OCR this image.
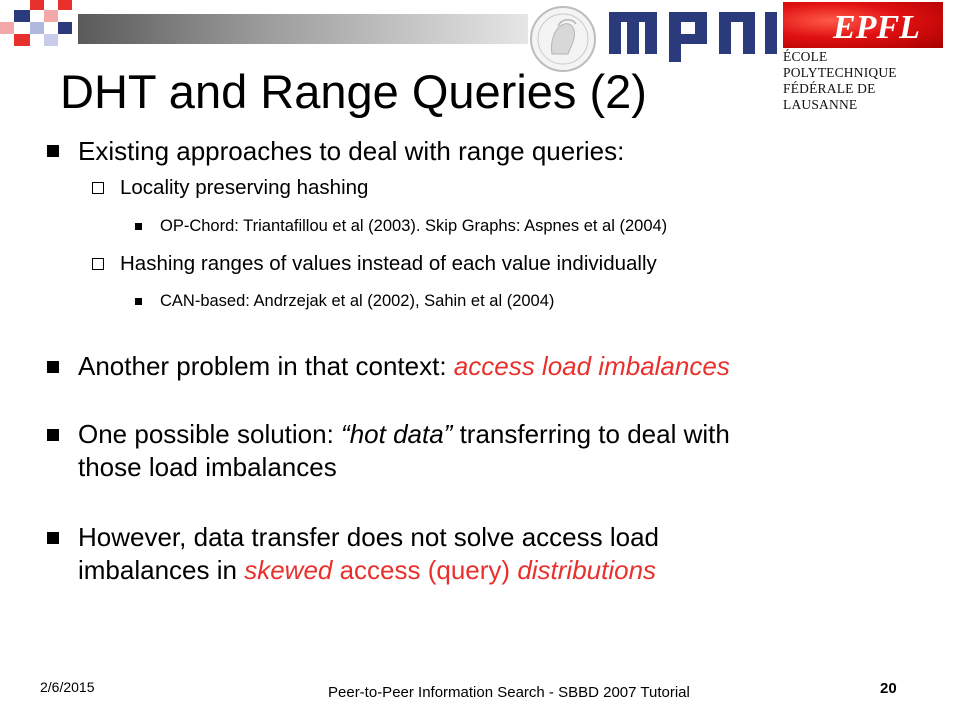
EPFL
ÉCOLE POLYTECHNIQUE
FÉDÉRALE DE LAUSANNE
DHT and Range Queries (2)
Existing approaches to deal with range queries:
Locality preserving hashing
OP-Chord: Triantafillou et al (2003). Skip Graphs: Aspnes et al (2004)
Hashing ranges of values instead of each value individually
CAN-based: Andrzejak et al (2002), Sahin et al (2004)
Another problem in that context: access load imbalances
One possible solution: “hot data” transferring to deal with
those load imbalances
However, data transfer does not solve access load
imbalances in skewed access (query) distributions
2/6/2015	Peer-to-Peer Information Search - SBBD 2007 Tutorial	20
